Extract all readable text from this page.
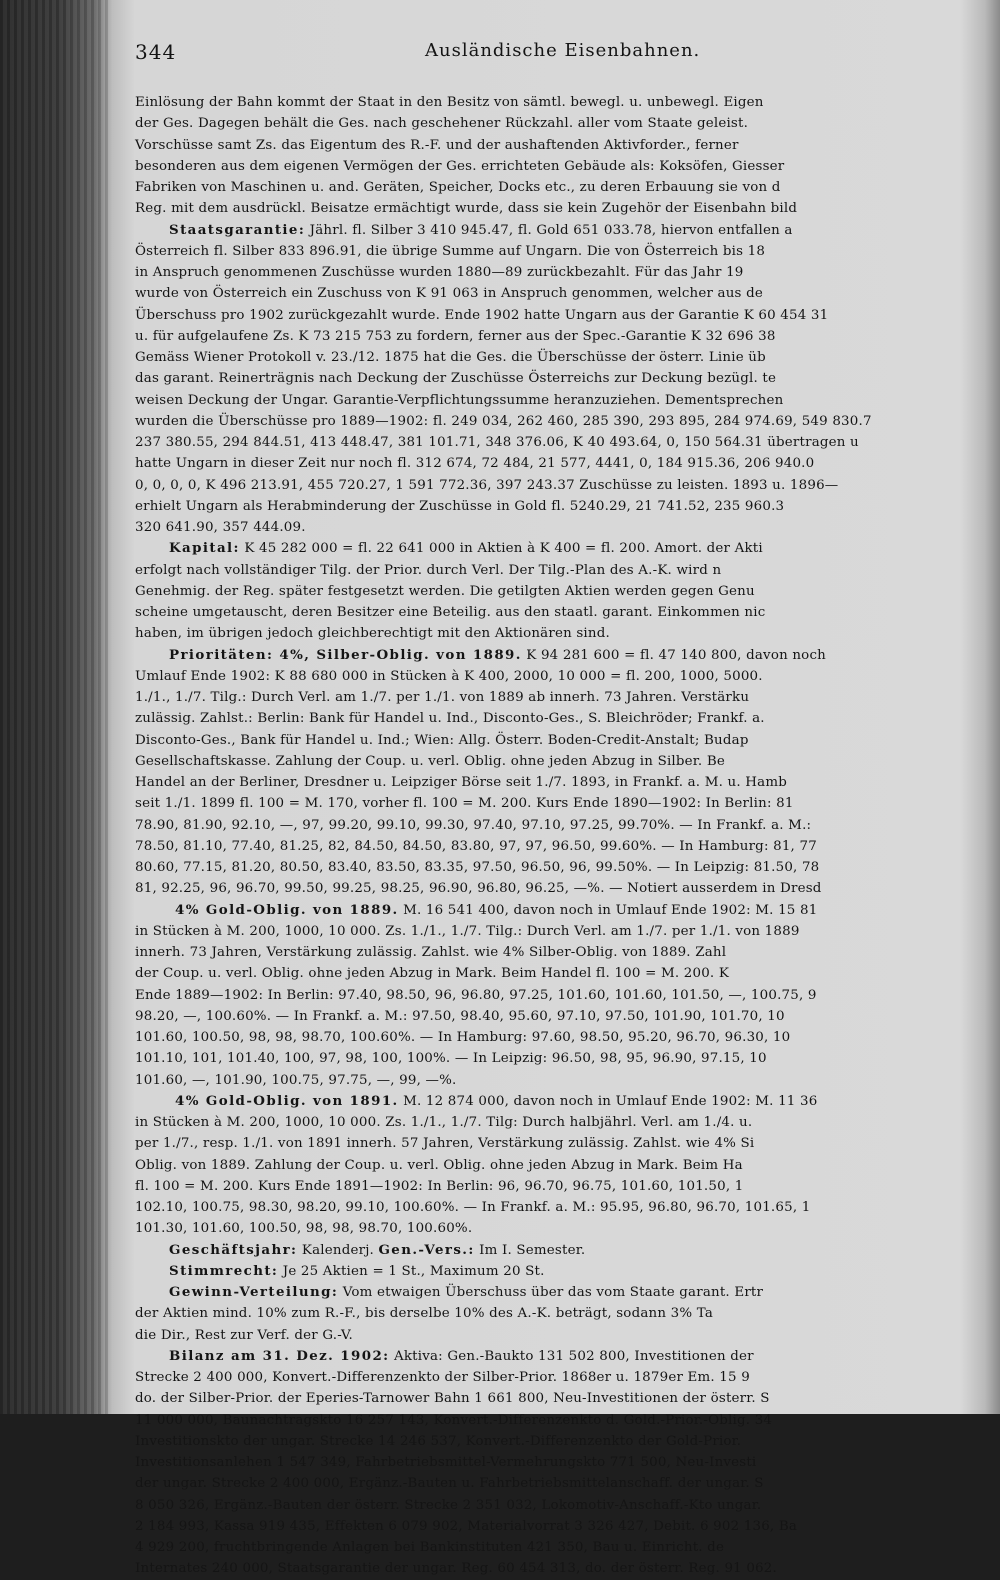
344	Ausländische Eisenbahnen.
Einlösung der Bahn kommt der Staat in den Besitz von sämtl. bewegl. u. unbewegl. Eigen
der Ges. Dagegen behält die Ges. nach geschehener Rückzahl. aller vom Staate geleist.
Vorschüsse samt Zs. das Eigentum des R.-F. und der aushaftenden Aktivforder., ferner
besonderen aus dem eigenen Vermögen der Ges. errichteten Gebäude als: Koksöfen, Giesser
Fabriken von Maschinen u. and. Geräten, Speicher, Docks etc., zu deren Erbauung sie von d
Reg. mit dem ausdrückl. Beisatze ermächtigt wurde, dass sie kein Zugehör der Eisenbahn bild
Staatsgarantie: Jährl. fl. Silber 3 410 945.47, fl. Gold 651 033.78, hiervon entfallen a
Österreich fl. Silber 833 896.91, die übrige Summe auf Ungarn. Die von Österreich bis 18
in Anspruch genommenen Zuschüsse wurden 1880—89 zurückbezahlt. Für das Jahr 19
wurde von Österreich ein Zuschuss von K 91 063 in Anspruch genommen, welcher aus de
Überschuss pro 1902 zurückgezahlt wurde. Ende 1902 hatte Ungarn aus der Garantie K 60 454 31
u. für aufgelaufene Zs. K 73 215 753 zu fordern, ferner aus der Spec.-Garantie K 32 696 38
Gemäss Wiener Protokoll v. 23./12. 1875 hat die Ges. die Überschüsse der österr. Linie üb
das garant. Reinerträgnis nach Deckung der Zuschüsse Österreichs zur Deckung bezügl. te
weisen Deckung der Ungar. Garantie-Verpflichtungssumme heranzuziehen. Dementsprechen
wurden die Überschüsse pro 1889—1902: fl. 249 034, 262 460, 285 390, 293 895, 284 974.69, 549 830.7
237 380.55, 294 844.51, 413 448.47, 381 101.71, 348 376.06, K 40 493.64, 0, 150 564.31 übertragen u
hatte Ungarn in dieser Zeit nur noch fl. 312 674, 72 484, 21 577, 4441, 0, 184 915.36, 206 940.0
0, 0, 0, 0, K 496 213.91, 455 720.27, 1 591 772.36, 397 243.37 Zuschüsse zu leisten. 1893 u. 1896—
erhielt Ungarn als Herabminderung der Zuschüsse in Gold fl. 5240.29, 21 741.52, 235 960.3
320 641.90, 357 444.09.
Kapital: K 45 282 000 = fl. 22 641 000 in Aktien à K 400 = fl. 200. Amort. der Akti
erfolgt nach vollständiger Tilg. der Prior. durch Verl. Der Tilg.-Plan des A.-K. wird n
Genehmig. der Reg. später festgesetzt werden. Die getilgten Aktien werden gegen Genu
scheine umgetauscht, deren Besitzer eine Beteilig. aus den staatl. garant. Einkommen nic
haben, im übrigen jedoch gleichberechtigt mit den Aktionären sind.
Prioritäten: 4%, Silber-Oblig. von 1889. K 94 281 600 = fl. 47 140 800, davon noch
Umlauf Ende 1902: K 88 680 000 in Stücken à K 400, 2000, 10 000 = fl. 200, 1000, 5000.
1./1., 1./7. Tilg.: Durch Verl. am 1./7. per 1./1. von 1889 ab innerh. 73 Jahren. Verstärku
zulässig. Zahlst.: Berlin: Bank für Handel u. Ind., Disconto-Ges., S. Bleichröder; Frankf. a.
Disconto-Ges., Bank für Handel u. Ind.; Wien: Allg. Österr. Boden-Credit-Anstalt; Budap
Gesellschaftskasse. Zahlung der Coup. u. verl. Oblig. ohne jeden Abzug in Silber. Be
Handel an der Berliner, Dresdner u. Leipziger Börse seit 1./7. 1893, in Frankf. a. M. u. Hamb
seit 1./1. 1899 fl. 100 = M. 170, vorher fl. 100 = M. 200. Kurs Ende 1890—1902: In Berlin: 81
78.90, 81.90, 92.10, —, 97, 99.20, 99.10, 99.30, 97.40, 97.10, 97.25, 99.70%. — In Frankf. a. M.:
78.50, 81.10, 77.40, 81.25, 82, 84.50, 84.50, 83.80, 97, 97, 96.50, 99.60%. — In Hamburg: 81, 77
80.60, 77.15, 81.20, 80.50, 83.40, 83.50, 83.35, 97.50, 96.50, 96, 99.50%. — In Leipzig: 81.50, 78
81, 92.25, 96, 96.70, 99.50, 99.25, 98.25, 96.90, 96.80, 96.25, —%. — Notiert ausserdem in Dresd
4% Gold-Oblig. von 1889. M. 16 541 400, davon noch in Umlauf Ende 1902: M. 15 81
in Stücken à M. 200, 1000, 10 000. Zs. 1./1., 1./7. Tilg.: Durch Verl. am 1./7. per 1./1. von 1889
innerh. 73 Jahren, Verstärkung zulässig. Zahlst. wie 4% Silber-Oblig. von 1889. Zahl
der Coup. u. verl. Oblig. ohne jeden Abzug in Mark. Beim Handel fl. 100 = M. 200. K
Ende 1889—1902: In Berlin: 97.40, 98.50, 96, 96.80, 97.25, 101.60, 101.60, 101.50, —, 100.75, 9
98.20, —, 100.60%. — In Frankf. a. M.: 97.50, 98.40, 95.60, 97.10, 97.50, 101.90, 101.70, 10
101.60, 100.50, 98, 98, 98.70, 100.60%. — In Hamburg: 97.60, 98.50, 95.20, 96.70, 96.30, 10
101.10, 101, 101.40, 100, 97, 98, 100, 100%. — In Leipzig: 96.50, 98, 95, 96.90, 97.15, 10
101.60, —, 101.90, 100.75, 97.75, —, 99, —%.
4% Gold-Oblig. von 1891. M. 12 874 000, davon noch in Umlauf Ende 1902: M. 11 36
in Stücken à M. 200, 1000, 10 000. Zs. 1./1., 1./7. Tilg: Durch halbjährl. Verl. am 1./4. u.
per 1./7., resp. 1./1. von 1891 innerh. 57 Jahren, Verstärkung zulässig. Zahlst. wie 4% Si
Oblig. von 1889. Zahlung der Coup. u. verl. Oblig. ohne jeden Abzug in Mark. Beim Ha
fl. 100 = M. 200. Kurs Ende 1891—1902: In Berlin: 96, 96.70, 96.75, 101.60, 101.50, 1
102.10, 100.75, 98.30, 98.20, 99.10, 100.60%. — In Frankf. a. M.: 95.95, 96.80, 96.70, 101.65, 1
101.30, 101.60, 100.50, 98, 98, 98.70, 100.60%.
Geschäftsjahr: Kalenderj. Gen.-Vers.: Im I. Semester.
Stimmrecht: Je 25 Aktien = 1 St., Maximum 20 St.
Gewinn-Verteilung: Vom etwaigen Überschuss über das vom Staate garant. Ertr
der Aktien mind. 10% zum R.-F., bis derselbe 10% des A.-K. beträgt, sodann 3% Ta
die Dir., Rest zur Verf. der G.-V.
Bilanz am 31. Dez. 1902: Aktiva: Gen.-Baukto 131 502 800, Investitionen der
Strecke 2 400 000, Konvert.-Differenzenkto der Silber-Prior. 1868er u. 1879er Em. 15 9
do. der Silber-Prior. der Eperies-Tarnower Bahn 1 661 800, Neu-Investitionen der österr. S
11 000 000, Baunachtragskto 16 257 143, Konvert.-Differenzenkto d. Gold.-Prior.-Oblig. 34
Investitionskto der ungar. Strecke 14 246 537, Konvert.-Differenzenkto der Gold-Prior.
Investitionsanlehen 1 547 349, Fahrbetriebsmittel-Vermehrungskto 771 500, Neu-Investi
der ungar. Strecke 2 400 000, Ergänz.-Bauten u. Fahrbetriebsmittelanschaff. der ungar. S
8 050 326, Ergänz.-Bauten der österr. Strecke 2 351 032, Lokomotiv-Anschaff.-Kto ungar.
2 184 993, Kassa 919 435, Effekten 6 079 902, Materialvorrat 3 326 427, Debit. 6 902 136, Ba
4 929 200, fruchtbringende Anlagen bei Bankinstituten 421 350, Bau u. Einricht. de
Internates 240 000, Staatsgarantie der ungar. Reg. 60 454 313, do. der österr. Reg. 91 062.
